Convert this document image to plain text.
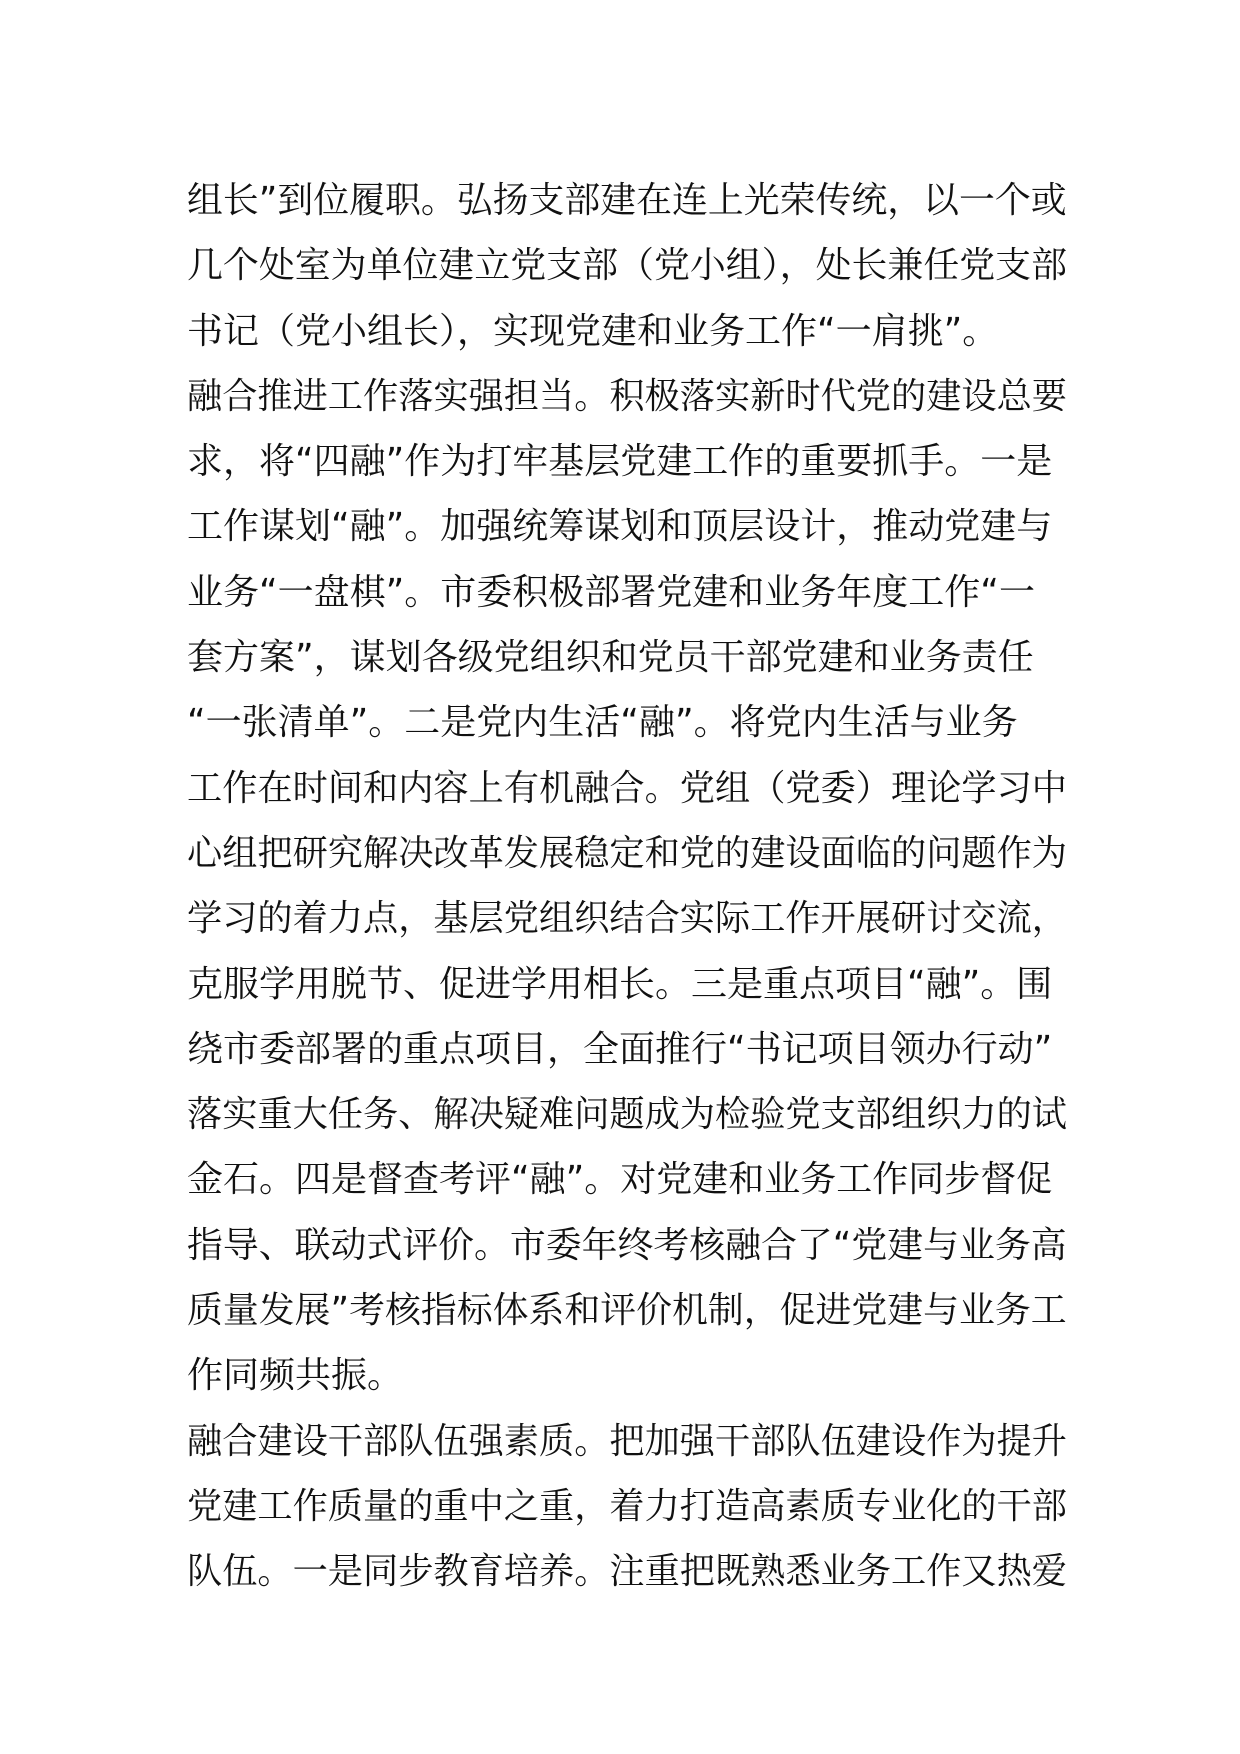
组长”到位履职。弘扬支部建在连上光荣传统，以一个或
几个处室为单位建立党支部（党小组），处长兼任党支部
书记（党小组长），实现党建和业务工作“一肩挑”。
融合推进工作落实强担当。积极落实新时代党的建设总要
求，将“四融”作为打牢基层党建工作的重要抓手。一是
工作谋划“融”。加强统筹谋划和顶层设计，推动党建与
业务“一盘棋”。市委积极部署党建和业务年度工作“一
套方案”，谋划各级党组织和党员干部党建和业务责任
“一张清单”。二是党内生活“融”。将党内生活与业务
工作在时间和内容上有机融合。党组（党委）理论学习中
心组把研究解决改革发展稳定和党的建设面临的问题作为
学习的着力点，基层党组织结合实际工作开展研讨交流，
克服学用脱节、促进学用相长。三是重点项目“融”。围
绕市委部署的重点项目，全面推行“书记项目领办行动”
落实重大任务、解决疑难问题成为检验党支部组织力的试
金石。四是督查考评“融”。对党建和业务工作同步督促
指导、联动式评价。市委年终考核融合了“党建与业务高
质量发展”考核指标体系和评价机制，促进党建与业务工
作同频共振。
融合建设干部队伍强素质。把加强干部队伍建设作为提升
党建工作质量的重中之重，着力打造高素质专业化的干部
队伍。一是同步教育培养。注重把既熟悉业务工作又热爱
